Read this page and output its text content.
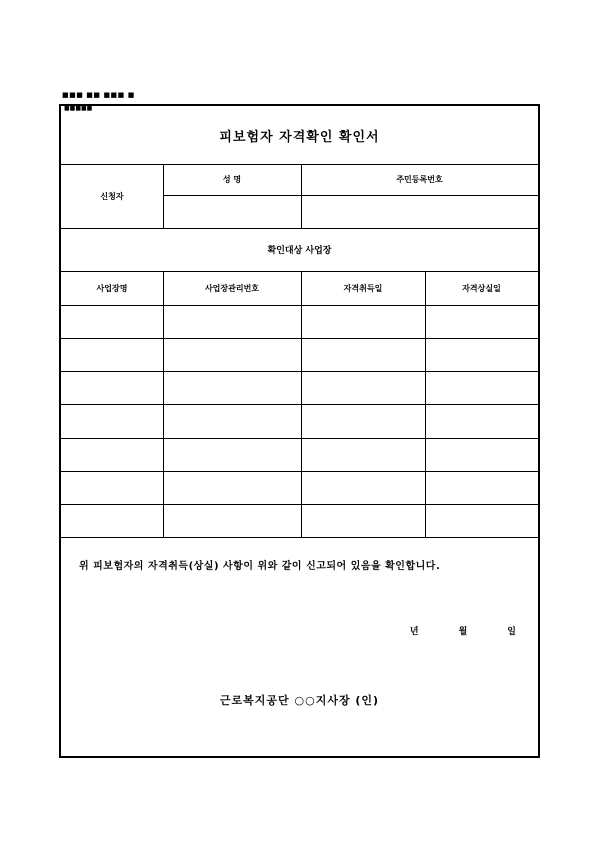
■■■ ■■ ■■■ ■
피보험자 자격확인 확인서
신청자
성 명	주민등록번호
확인대상 사업장
사업장명	사업장관리번호	자격취득일	자격상실일
위 피보험자의 자격취득(상실) 사항이 위와 같이 신고되어 있음을 확인합니다.
년	월	일
근로복지공단 ○○지사장 (인)
■■■■■
